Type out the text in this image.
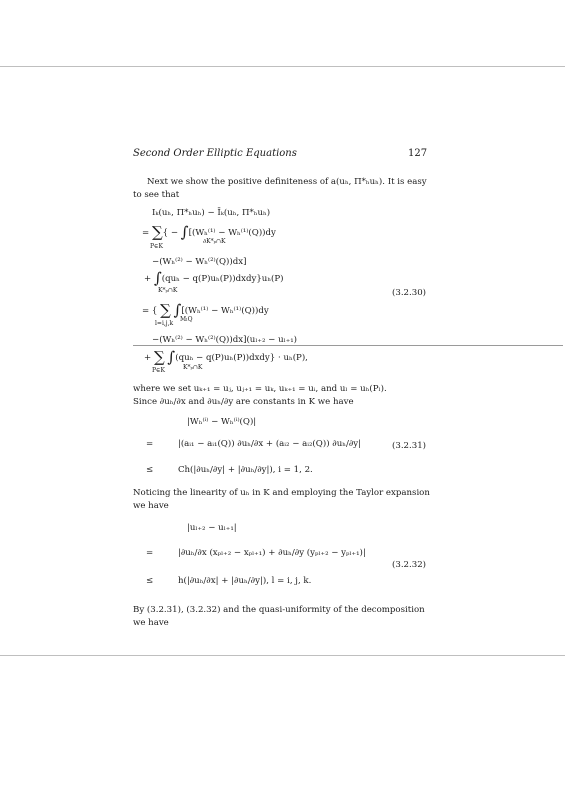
Second Order Elliptic Equations	127
Next we show the positive definiteness of a(uₕ, Π*ₕuₕ). It is easy
to see that
Iₖ(uₕ, Π*ₕuₕ) − Īₖ(uₕ, Π*ₕuₕ)
= ∑{ − ∫[(Wₕ⁽¹⁾ − Wₕ⁽¹⁾(Q))dy
P∈K
∂K*ₚ∩K
−(Wₕ⁽²⁾ − Wₕ⁽²⁾(Q))dx]
+ ∫(quₕ − q(P)uₕ(P))dxdy}uₕ(P)
K*ₚ∩K	(3.2.30)
= { ∑ ∫[(Wₕ⁽¹⁾ − Wₕ⁽¹⁾(Q))dy
l=i,j,k
MₗQ
−(Wₕ⁽²⁾ − Wₕ⁽²⁾(Q))dx](uₗ₊₂ − uₗ₊₁)
+ ∑ ∫(quₕ − q(P)uₕ(P))dxdy} · uₕ(P),
P∈K	K*ₚ∩K
where we set uₖ₊₁ = uⱼ, uⱼ₊₁ = uₖ, uₖ₊₁ = uᵢ, and uₗ = uₕ(Pₗ).
Since ∂uₕ/∂x and ∂uₕ/∂y are constants in K we have
|Wₕ⁽ⁱ⁾ − Wₕ⁽ⁱ⁾(Q)|
=	|(aᵢ₁ − aᵢ₁(Q)) ∂uₕ/∂x + (aᵢ₂ − aᵢ₂(Q)) ∂uₕ/∂y|	(3.2.31)
≤	Ch(|∂uₕ/∂y| + |∂uₕ/∂y|), i = 1, 2.
Noticing the linearity of uₕ in K and employing the Taylor expansion
we have
|uₗ₊₂ − uₗ₊₁|
=	|∂uₕ/∂x (xₚₗ₊₂ − xₚₗ₊₁) + ∂uₕ/∂y (yₚₗ₊₂ − yₚₗ₊₁)|
(3.2.32)
≤	h(|∂uₕ/∂x| + |∂uₕ/∂y|), l = i, j, k.
By (3.2.31), (3.2.32) and the quasi-uniformity of the decomposition
we have
